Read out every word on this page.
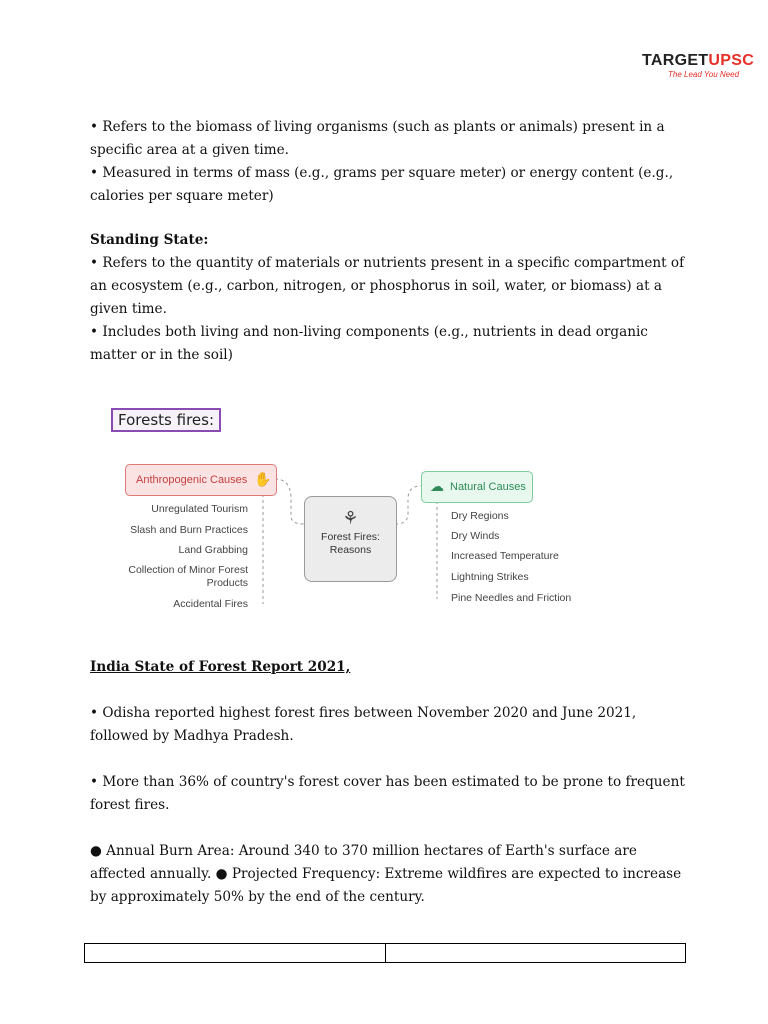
TARGETUPSC
The Lead You Need

• Refers to the biomass of living organisms (such as plants or animals) present in a specific area at a given time.

• Measured in terms of mass (e.g., grams per square meter) or energy content (e.g., calories per square meter)

Standing State:

• Refers to the quantity of materials or nutrients present in a specific compartment of an ecosystem (e.g., carbon, nitrogen, or phosphorus in soil, water, or biomass) at a given time.

• Includes both living and non-living components (e.g., nutrients in dead organic matter or in the soil)

Forests fires:
Anthropogenic Causes ✋	☁ Natural Causes
⚘
Forest Fires: Reasons
Unregulated Tourism
Slash and Burn Practices
Land Grabbing
Collection of Minor Forest Products
Accidental Fires
Dry Regions
Dry Winds
Increased Temperature
Lightning Strikes
Pine Needles and Friction

India State of Forest Report 2021,

• Odisha reported highest forest fires between November 2020 and June 2021, followed by Madhya Pradesh.

• More than 36% of country's forest cover has been estimated to be prone to frequent forest fires.

● Annual Burn Area: Around 340 to 370 million hectares of Earth's surface are affected annually. ● Projected Frequency: Extreme wildfires are expected to increase by approximately 50% by the end of the century.
